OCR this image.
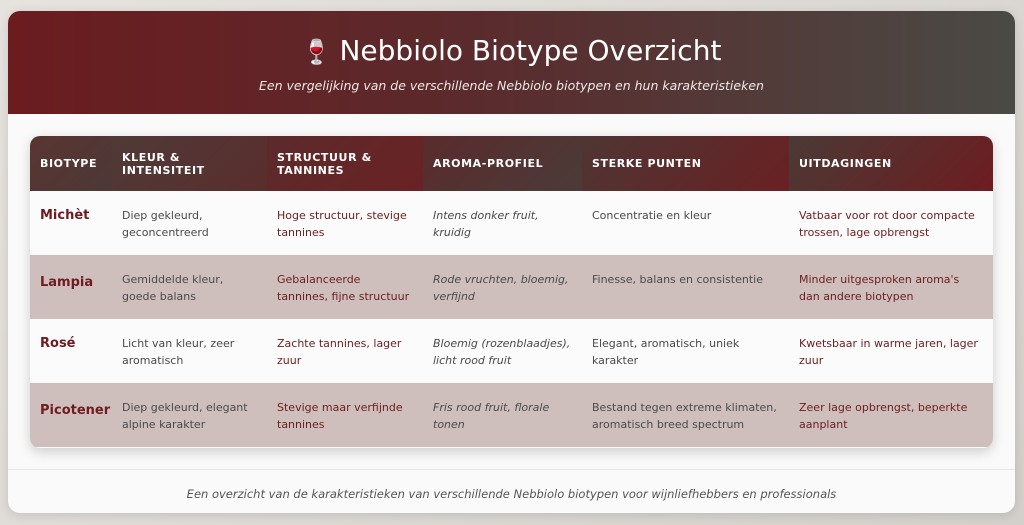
🍷 Nebbiolo Biotype Overzicht
Een vergelijking van de verschillende Nebbiolo biotypen en hun karakteristieken
BIOTYPE	KLEUR & INTENSITEIT	STRUCTUUR & TANNINES	AROMA-PROFIEL	STERKE PUNTEN	UITDAGINGEN
Michèt	Diep gekleurd, geconcentreerd	Hoge structuur, stevige tannines	Intens donker fruit, kruidig	Concentratie en kleur	Vatbaar voor rot door compacte trossen, lage opbrengst
Lampia	Gemiddelde kleur, goede balans	Gebalanceerde tannines, fijne structuur	Rode vruchten, bloemig, verfijnd	Finesse, balans en consistentie	Minder uitgesproken aroma's dan andere biotypen
Rosé	Licht van kleur, zeer aromatisch	Zachte tannines, lager zuur	Bloemig (rozenblaadjes), licht rood fruit	Elegant, aromatisch, uniek karakter	Kwetsbaar in warme jaren, lager zuur
Picotener	Diep gekleurd, elegant alpine karakter	Stevige maar verfijnde tannines	Fris rood fruit, florale tonen	Bestand tegen extreme klimaten, aromatisch breed spectrum	Zeer lage opbrengst, beperkte aanplant
Een overzicht van de karakteristieken van verschillende Nebbiolo biotypen voor wijnliefhebbers en professionals
